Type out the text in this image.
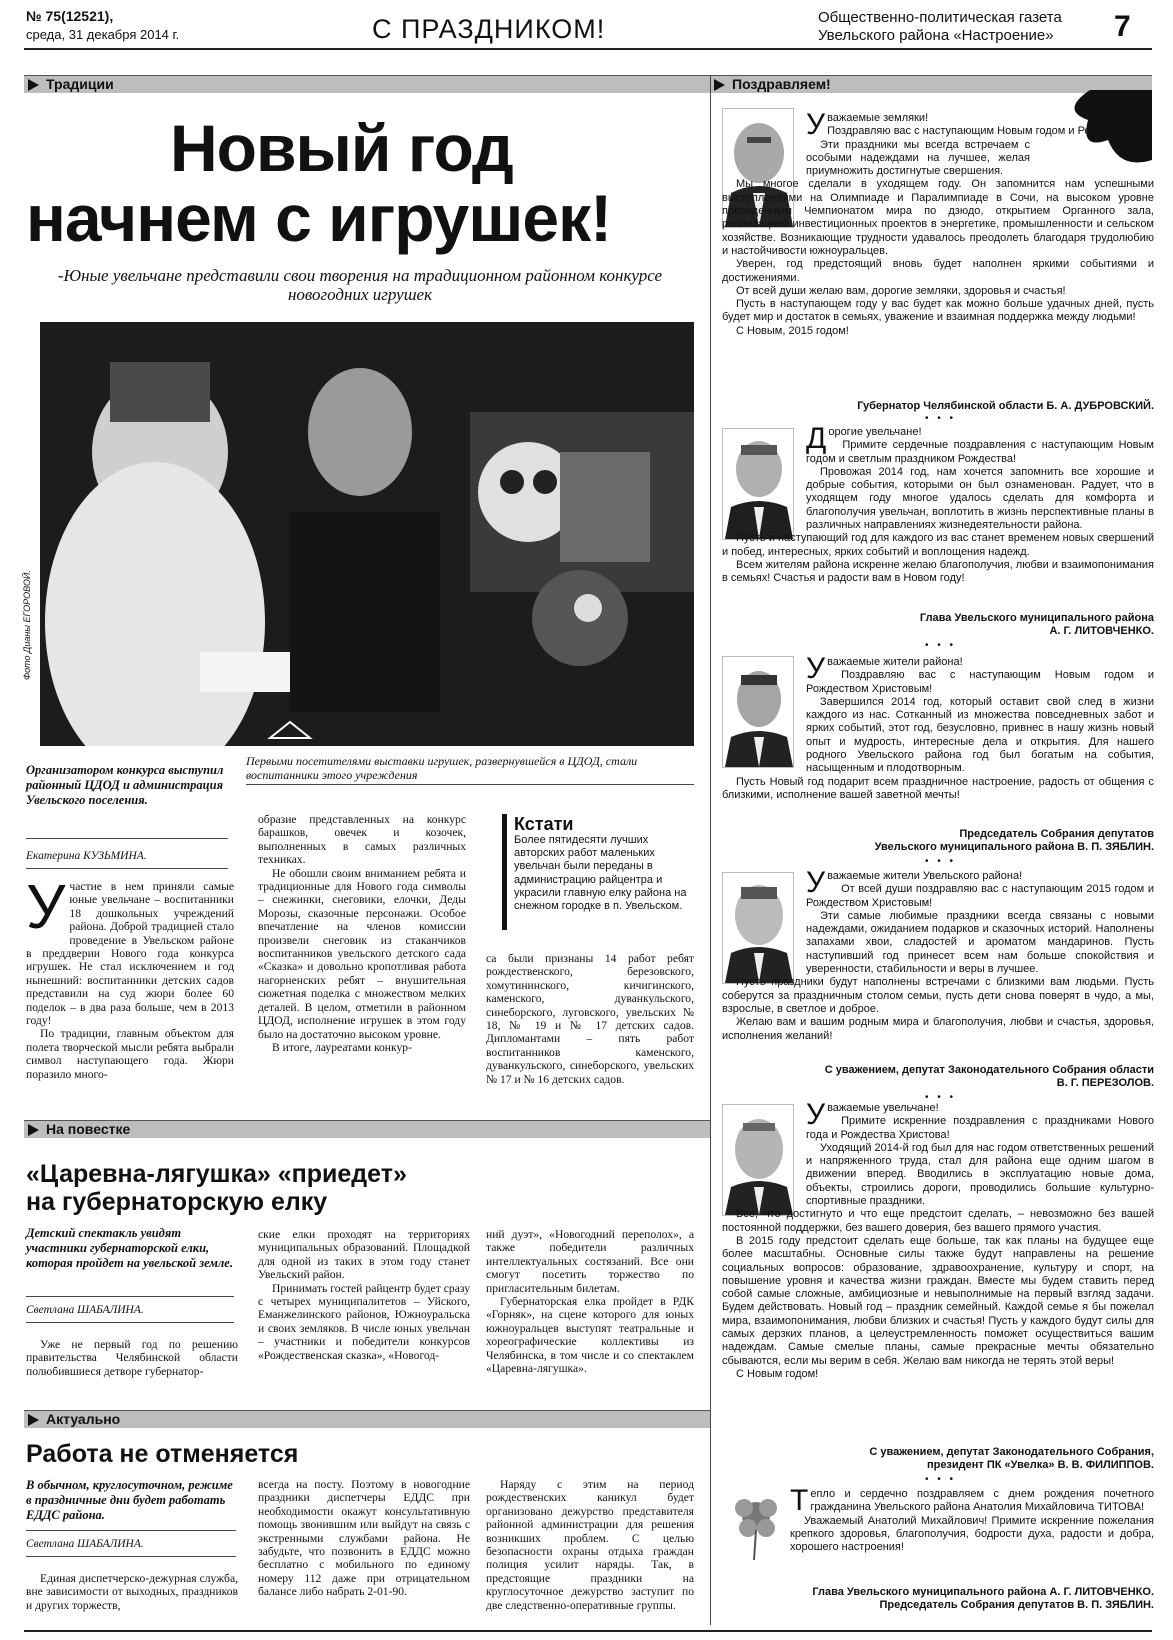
№ 75(12521),
среда, 31 декабря 2014 г.	С ПРАЗДНИКОМ!	Общественно-политическая газета
Увельского района «Настроение» 7
Традиции	Поздравляем!
Новый год
начнем с игрушек!
-Юные увельчане представили свои творения на традиционном районном конкурсе новогодних игрушек
Фото Дианы ЕГОРОВОЙ.
Первыми посетителями выставки игрушек, развернувшейся в ЦДОД, стали воспитанники этого учреждения
Организатором конкурса выступил районный ЦДОД и администрация Увельского поселения.
Екатерина КУЗЬМИНА.
Участие в нем приняли самые юные увельчане – воспитанники 18 дошкольных учреждений района. Доброй традицией стало проведение в Увельском районе в преддверии Нового года конкурса игрушек. Не стал исключением и год нынешний: воспитанники детских садов представили на суд жюри более 60 поделок – в два раза больше, чем в 2013 году!

По традиции, главным объектом для полета творческой мысли ребята выбрали символ наступающего года. Жюри поразило много-

образие представленных на конкурс барашков, овечек и козочек, выполненных в самых различных техниках.

Не обошли своим вниманием ребята и традиционные для Нового года символы – снежинки, снеговики, елочки, Деды Морозы, сказочные персонажи. Особое впечатление на членов комиссии произвели снеговик из стаканчиков воспитанников увельского детского сада «Сказка» и довольно кропотливая работа нагорненских ребят – внушительная сюжетная поделка с множеством мелких деталей. В целом, отметили в районном ЦДОД, исполнение игрушек в этом году было на достаточно высоком уровне.

В итоге, лауреатами конкур-

Кстати
Более пятидесяти лучших авторских работ маленьких увельчан были переданы в администрацию райцентра и украсили главную елку района на снежном городке в п. Увельском.
са были признаны 14 работ ребят рождественского, березовского, хомутининского, кичигинского, каменского, дуванкульского, синеборского, луговского, увельских № 18, № 19 и № 17 детских садов. Дипломантами – пять работ воспитанников каменского, дуванкульского, синеборского, увельских № 17 и № 16 детских садов.
На повестке
«Царевна-лягушка» «приедет»
на губернаторскую елку
Детский спектакль увидят участники губернаторской елки, которая пройдет на увельской земле.
Светлана ШАБАЛИНА.

Уже не первый год по решению правительства Челябинской области полюбившиеся детворе губернатор-

ские елки проходят на территориях муниципальных образований. Площадкой для одной из таких в этом году станет Увельский район.

Принимать гостей райцентр будет сразу с четырех муниципалитетов – Уйского, Еманжелинского районов, Южноуральска и своих земляков. В числе юных увельчан – участники и победители конкурсов «Рождественская сказка», «Новогод-

ний дуэт», «Новогодний переполох», а также победители различных интеллектуальных состязаний. Все они смогут посетить торжество по пригласительным билетам.

Губернаторская елка пройдет в РДК «Горняк», на сцене которого для юных южноуральцев выступят театральные и хореографические коллективы из Челябинска, в том числе и со спектаклем «Царевна-лягушка».

Актуально
Работа не отменяется
В обычном, круглосуточном, режиме в праздничные дни будет работать ЕДДС района.
Светлана ШАБАЛИНА.

Единая диспетчерско-дежурная служба, вне зависимости от выходных, праздников и других торжеств,

всегда на посту. Поэтому в новогодние праздники диспетчеры ЕДДС при необходимости окажут консультативную помощь звонившим или выйдут на связь с экстренными службами района. Не забудьте, что позвонить в ЕДДС можно бесплатно с мобильного по единому номеру 112 даже при отрицательном балансе либо набрать 2-01-90.

Наряду с этим на период рождественских каникул будет организовано дежурство представителя районной администрации для решения возникших проблем. С целью безопасности охраны отдыха граждан полиция усилит наряды. Так, в предстоящие праздники на круглосуточное дежурство заступит по две следственно-оперативные группы.

Уважаемые земляки!

Поздравляю вас с наступающим Новым годом и Рождеством!

Эти праздники мы всегда встречаем с особыми надеждами на лучшее, желая приумножить достигнутые свершения.

Мы многое сделали в уходящем году. Он запомнится нам успешными выступлениями на Олимпиаде и Паралимпиаде в Сочи, на высоком уровне проведенным Чемпионатом мира по дзюдо, открытием Органного зала, реализацией инвестиционных проектов в энергетике, промышленности и сельском хозяйстве. Возникающие трудности удавалось преодолеть благодаря трудолюбию и настойчивости южноуральцев.

Уверен, год предстоящий вновь будет наполнен яркими событиями и достижениями.

От всей души желаю вам, дорогие земляки, здоровья и счастья!

Пусть в наступающем году у вас будет как можно больше удачных дней, пусть будет мир и достаток в семьях, уважение и взаимная поддержка между людьми!

С Новым, 2015 годом!

Губернатор Челябинской области Б. А. ДУБРОВСКИЙ.
• • •
Дорогие увельчане!

Примите сердечные поздравления с наступающим Новым годом и светлым праздником Рождества!

Провожая 2014 год, нам хочется запомнить все хорошие и добрые события, которыми он был ознаменован. Радует, что в уходящем году многое удалось сделать для комфорта и благополучия увельчан, воплотить в жизнь перспективные планы в различных направлениях жизнедеятельности района.

Пусть и наступающий год для каждого из вас станет временем новых свершений и побед, интересных, ярких событий и воплощения надежд.

Всем жителям района искренне желаю благополучия, любви и взаимопонимания в семьях! Счастья и радости вам в Новом году!

Глава Увельского муниципального района
А. Г. ЛИТОВЧЕНКО.
• • •
Уважаемые жители района!

Поздравляю вас с наступающим Новым годом и Рождеством Христовым!

Завершился 2014 год, который оставит свой след в жизни каждого из нас. Сотканный из множества повседневных забот и ярких событий, этот год, безусловно, привнес в нашу жизнь новый опыт и мудрость, интересные дела и открытия. Для нашего родного Увельского района год был богатым на события, насыщенным и плодотворным.

Пусть Новый год подарит всем праздничное настроение, радость от общения с близкими, исполнение вашей заветной мечты!

Председатель Собрания депутатов
Увельского муниципального района В. П. ЗЯБЛИН.
• • •
Уважаемые жители Увельского района!

От всей души поздравляю вас с наступающим 2015 годом и Рождеством Христовым!

Эти самые любимые праздники всегда связаны с новыми надеждами, ожиданием подарков и сказочных историй. Наполнены запахами хвои, сладостей и ароматом мандаринов. Пусть наступивший год принесет всем нам больше спокойствия и уверенности, стабильности и веры в лучшее.

Пусть праздники будут наполнены встречами с близкими вам людьми. Пусть соберутся за праздничным столом семьи, пусть дети снова поверят в чудо, а мы, взрослые, в светлое и доброе.

Желаю вам и вашим родным мира и благополучия, любви и счастья, здоровья, исполнения желаний!

С уважением, депутат Законодательного Собрания области
В. Г. ПЕРЕЗОЛОВ.
• • •
Уважаемые увельчане!

Примите искренние поздравления с праздниками Нового года и Рождества Христова!

Уходящий 2014-й год был для нас годом ответственных решений и напряженного труда, стал для района еще одним шагом в движении вперед. Вводились в эксплуатацию новые дома, объекты, строились дороги, проводились большие культурно-спортивные праздники.

Все, что достигнуто и что еще предстоит сделать, – невозможно без вашей постоянной поддержки, без вашего доверия, без вашего прямого участия.

В 2015 году предстоит сделать еще больше, так как планы на будущее еще более масштабны. Основные силы также будут направлены на решение социальных вопросов: образование, здравоохранение, культуру и спорт, на повышение уровня и качества жизни граждан. Вместе мы будем ставить перед собой самые сложные, амбициозные и невыполнимые на первый взгляд задачи. Будем действовать. Новый год – праздник семейный. Каждой семье я бы пожелал мира, взаимопонимания, любви близких и счастья! Пусть у каждого будут силы для самых дерзких планов, а целеустремленность поможет осуществиться вашим надеждам. Самые смелые планы, самые прекрасные мечты обязательно сбываются, если мы верим в себя. Желаю вам никогда не терять этой веры!

С Новым годом!

С уважением, депутат Законодательного Собрания,
президент ПК «Увелка» В. В. ФИЛИППОВ.
• • •
Тепло и сердечно поздравляем с днем рождения почетного гражданина Увельского района Анатолия Михайловича ТИТОВА!

Уважаемый Анатолий Михайлович! Примите искренние пожелания крепкого здоровья, благополучия, бодрости духа, радости и добра, хорошего настроения!

Глава Увельского муниципального района А. Г. ЛИТОВЧЕНКО.
Председатель Собрания депутатов В. П. ЗЯБЛИН.
